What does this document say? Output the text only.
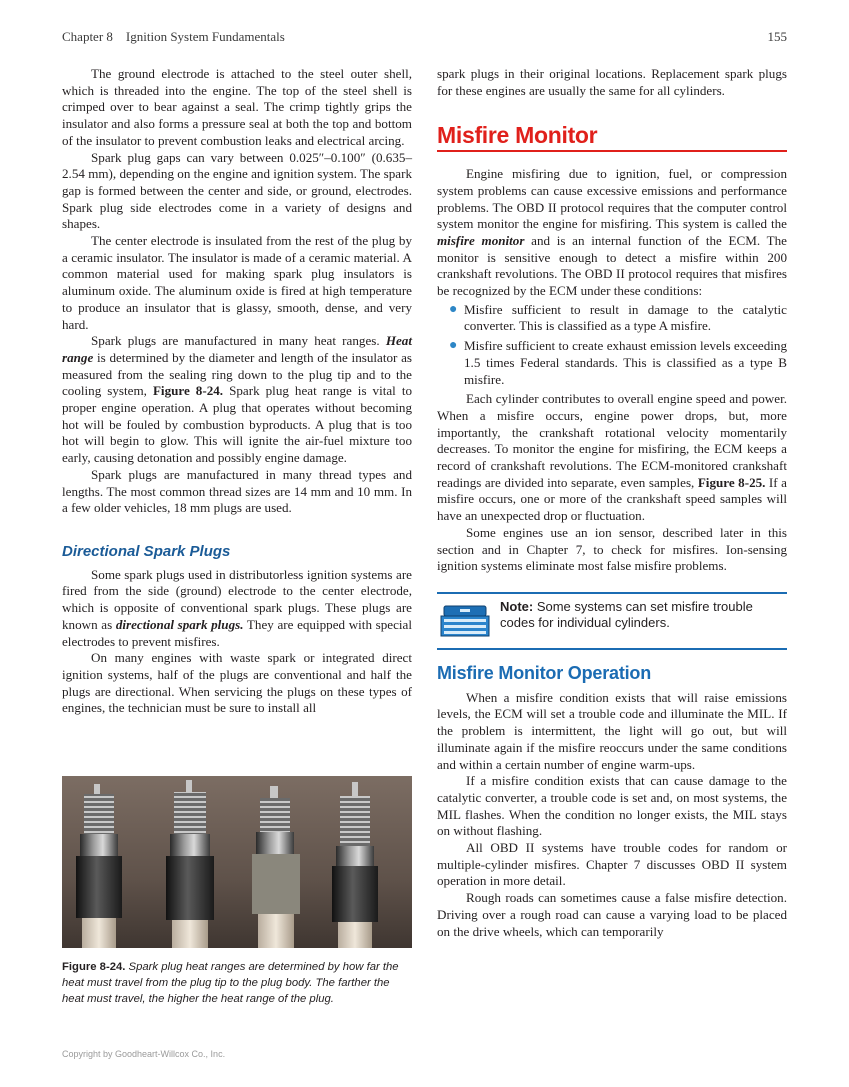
Chapter 8 Ignition System Fundamentals	155

The ground electrode is attached to the steel outer shell, which is threaded into the engine. The top of the steel shell is crimped over to bear against a seal. The crimp tightly grips the insulator and also forms a pressure seal at both the top and bottom of the insulator to prevent combustion leaks and electrical arcing.

Spark plug gaps can vary between 0.025″–0.100″ (0.635–2.54 mm), depending on the engine and ignition system. The spark gap is formed between the center and side, or ground, electrodes. Spark plug side electrodes come in a variety of designs and shapes.

The center electrode is insulated from the rest of the plug by a ceramic insulator. The insulator is made of a ceramic material. A common material used for making spark plug insulators is aluminum oxide. The aluminum oxide is fired at high temperature to produce an insulator that is glassy, smooth, dense, and very hard.

Spark plugs are manufactured in many heat ranges. Heat range is determined by the diameter and length of the insulator as measured from the sealing ring down to the plug tip and to the cooling system, Figure 8-24. Spark plug heat range is vital to proper engine operation. A plug that operates without becoming hot will be fouled by combustion byproducts. A plug that is too hot will begin to glow. This will ignite the air-fuel mixture too early, causing detonation and possibly engine damage.

Spark plugs are manufactured in many thread types and lengths. The most common thread sizes are 14 mm and 10 mm. In a few older vehicles, 18 mm plugs are used.

Directional Spark Plugs

Some spark plugs used in distributorless ignition systems are fired from the side (ground) electrode to the center electrode, which is opposite of conventional spark plugs. These plugs are known as directional spark plugs. They are equipped with special electrodes to prevent misfires.

On many engines with waste spark or integrated direct ignition systems, half of the plugs are conventional and half the plugs are directional. When servicing the plugs on these types of engines, the technician must be sure to install all

Figure 8-24. Spark plug heat ranges are determined by how far the heat must travel from the plug tip to the plug body. The farther the heat must travel, the higher the heat range of the plug.

spark plugs in their original locations. Replacement spark plugs for these engines are usually the same for all cylinders.

Misfire Monitor

Engine misfiring due to ignition, fuel, or compression system problems can cause excessive emissions and performance problems. The OBD II protocol requires that the computer control system monitor the engine for misfiring. This system is called the misfire monitor and is an internal function of the ECM. The monitor is sensitive enough to detect a misfire within 200 crankshaft revolutions. The OBD II protocol requires that misfires be recognized by the ECM under these conditions:

● Misfire sufficient to result in damage to the catalytic converter. This is classified as a type A misfire.
● Misfire sufficient to create exhaust emission levels exceeding 1.5 times Federal standards. This is classified as a type B misfire.

Each cylinder contributes to overall engine speed and power. When a misfire occurs, engine power drops, but, more importantly, the crankshaft rotational velocity momentarily decreases. To monitor the engine for misfiring, the ECM keeps a record of crankshaft revolutions. The ECM-monitored crankshaft readings are divided into separate, even samples, Figure 8-25. If a misfire occurs, one or more of the crankshaft speed samples will have an unexpected drop or fluctuation.

Some engines use an ion sensor, described later in this section and in Chapter 7, to check for misfires. Ion-sensing ignition systems eliminate most false misfire problems.

Note: Some systems can set misfire trouble codes for individual cylinders.
Misfire Monitor Operation

When a misfire condition exists that will raise emissions levels, the ECM will set a trouble code and illuminate the MIL. If the problem is intermittent, the light will go out, but will illuminate again if the misfire reoccurs under the same conditions and within a certain number of engine warm-ups.

If a misfire condition exists that can cause damage to the catalytic converter, a trouble code is set and, on most systems, the MIL flashes. When the condition no longer exists, the MIL stays on without flashing.

All OBD II systems have trouble codes for random or multiple-cylinder misfires. Chapter 7 discusses OBD II system operation in more detail.

Rough roads can sometimes cause a false misfire detection. Driving over a rough road can cause a varying load to be placed on the drive wheels, which can temporarily

Copyright by Goodheart-Willcox Co., Inc.
